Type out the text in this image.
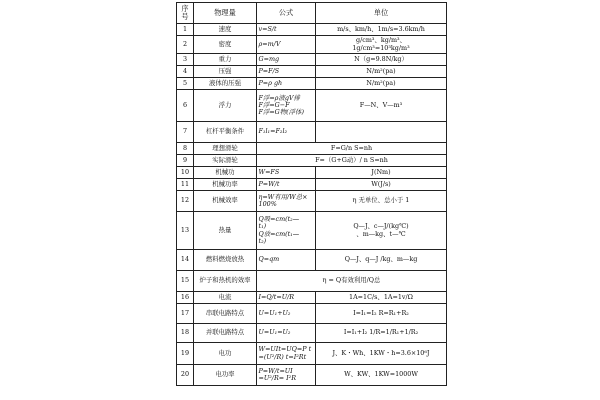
序号	物理量	公式	单位
1	速度	v=S/t	m/s、km/h、1m/s=3.6km/h
2	密度	ρ=m/V	g/cm³、kg/m³、
1g/cm³=10³kg/m³
3	重力	G=mg	N（g=9.8N/kg）
4	压强	P=F/S	N/m²(pa)
5	液体的压强	P=ρ gh	N/m²(pa)
6	浮力	F浮=ρ液gV排
F浮=G−F
F浮=G物(浮体)	F—N、V—m³
7	杠杆平衡条件	F₁l₁=F₂l₂	
8	理想滑轮	F=G/n S=nh	
9	实际滑轮	F=（G+G动）/ n S=nh	
10	机械功	W=FS	J(Nm)
11	机械功率	P=W/t	W(J/s)
12	机械效率	η=W有用/W总×
100%	η 无单位、总小于 1
13	热量	Q吸=cm(t₂—
t₁)
Q放=cm(t₁—
t₂)	Q—J、c—J/(kg℃)
、m—kg、t—℃
14	燃料燃烧放热	Q=qm	Q—J、q—J /kg、m—kg
15	炉子和热机的效率	η = Q有效利用/Q总	
16	电流	I=Q/t=U/R	1A=1C/s、1A=1v/Ω
17	串联电路特点	U=U₁+U₂	I=I₁=I₂ R=R₁+R₂
18	并联电路特点	U=U₁=U₂	I=I₁+I₂ 1/R=1/R₁+1/R₂
19	电功	W=UIt=UQ=P t
=(U²/R) t=I²Rt	J、K・Wh、1KW・h=3.6×10⁶J
20	电功率	P=W/t=UI
=U²/R= I²R	W、KW、1KW=1000W
